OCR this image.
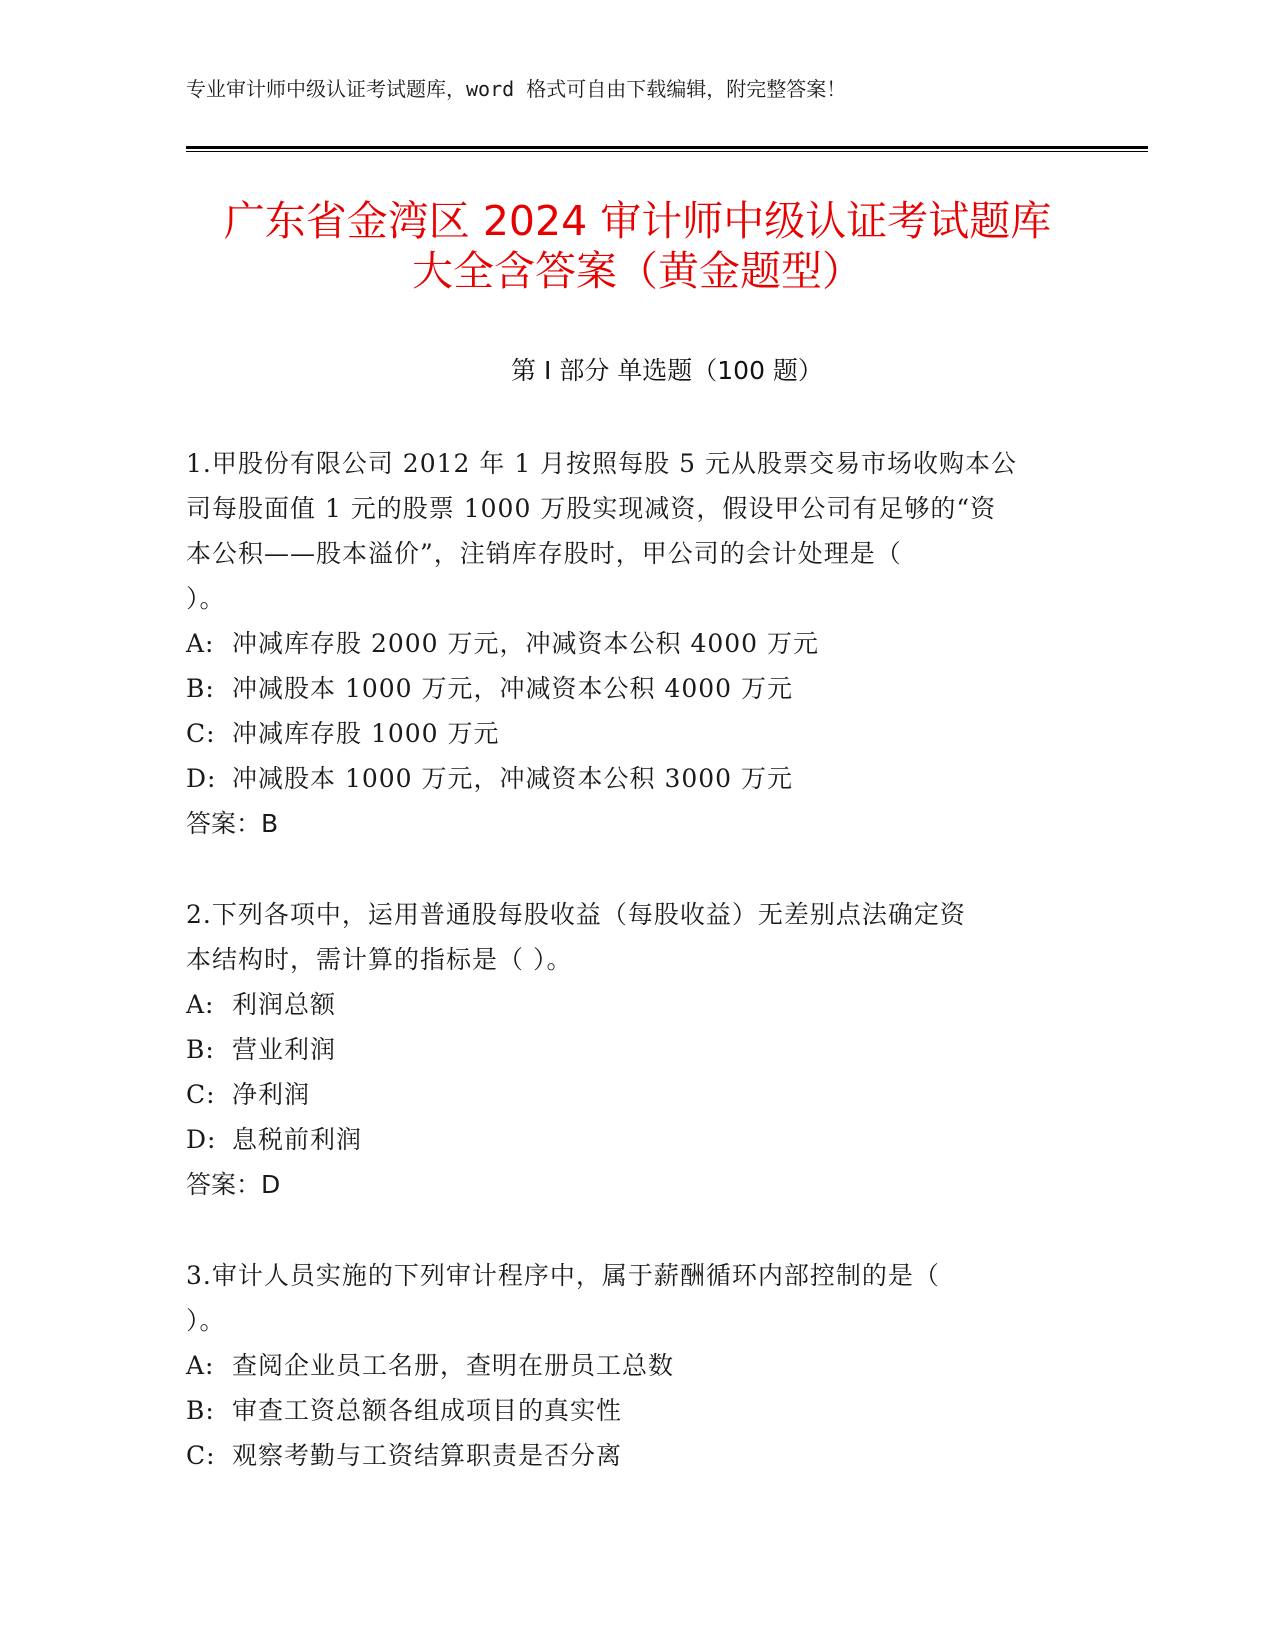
专业审计师中级认证考试题库，word 格式可自由下载编辑，附完整答案！
广东省金湾区 2024 审计师中级认证考试题库
大全含答案（黄金题型）
第 I 部分 单选题（100 题）
1.甲股份有限公司 2012 年 1 月按照每股 5 元从股票交易市场收购本公
司每股面值 1 元的股票 1000 万股实现减资，假设甲公司有足够的“资
本公积——股本溢价”，注销库存股时，甲公司的会计处理是（
）。
A: 冲减库存股 2000 万元，冲减资本公积 4000 万元
B: 冲减股本 1000 万元，冲减资本公积 4000 万元
C: 冲减库存股 1000 万元
D: 冲减股本 1000 万元，冲减资本公积 3000 万元
答案：B
2.下列各项中，运用普通股每股收益（每股收益）无差别点法确定资
本结构时，需计算的指标是（ ）。
A: 利润总额
B: 营业利润
C: 净利润
D: 息税前利润
答案：D
3.审计人员实施的下列审计程序中，属于薪酬循环内部控制的是（
）。
A: 查阅企业员工名册，查明在册员工总数
B: 审查工资总额各组成项目的真实性
C: 观察考勤与工资结算职责是否分离
